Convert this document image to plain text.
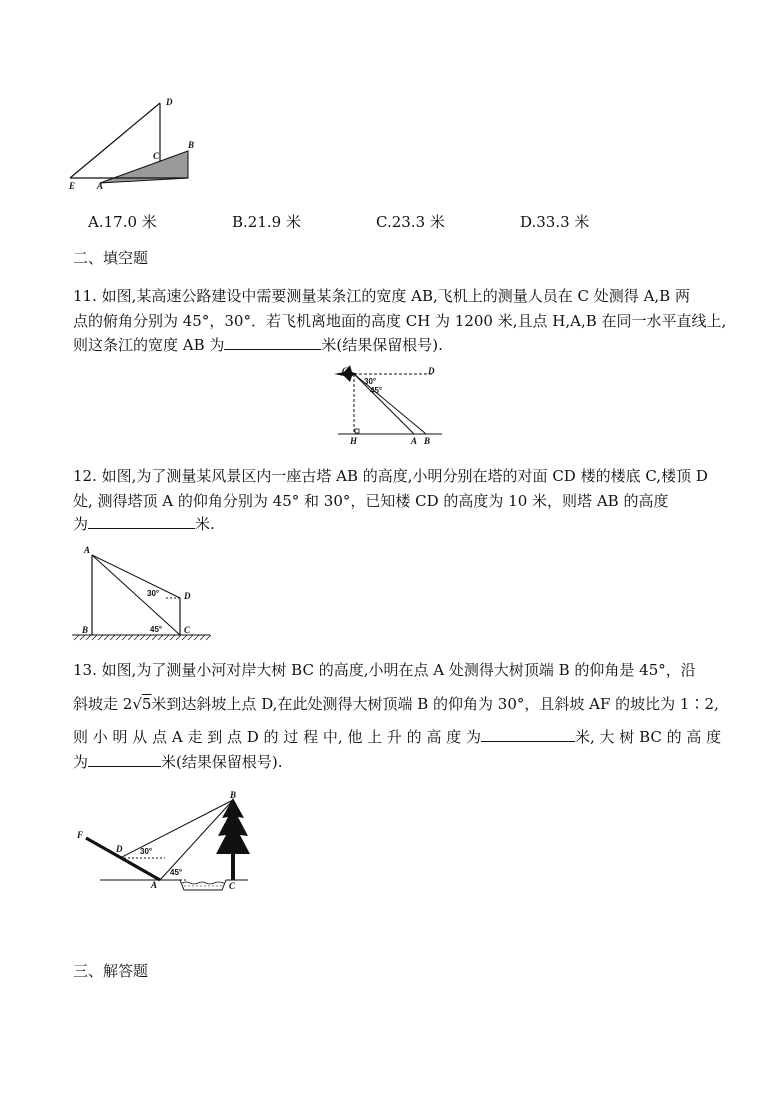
D
C
B
E A
A.17.0 米	B.21.9 米	C.23.3 米	D.33.3 米
二、填空题
11. 如图,某高速公路建设中需要测量某条江的宽度 AB,飞机上的测量人员在 C 处测得 A,B 两
点的俯角分别为 45°，30°．若飞机离地面的高度 CH 为 1200 米,且点 H,A,B 在同一水平直线上,
则这条江的宽度 AB 为	米(结果保留根号).
C	D
30°
45°
H	A B
12. 如图,为了测量某风景区内一座古塔 AB 的高度,小明分别在塔的对面 CD 楼的楼底 C,楼顶 D
处, 测得塔顶 A 的仰角分别为 45° 和 30°，已知楼 CD 的高度为 10 米，则塔 AB 的高度
为	米.
A
B
D
C
30°
45°
13. 如图,为了测量小河对岸大树 BC 的高度,小明在点 A 处测得大树顶端 B 的仰角是 45°，沿
斜坡走 2√5米到达斜坡上点 D,在此处测得大树顶端 B 的仰角为 30°，且斜坡 AF 的坡比为 1∶2,
则 小 明 从 点 A 走 到 点 D 的 过 程 中, 他 上 升 的 高 度 为	米, 大 树 BC 的 高 度
为	米(结果保留根号).
B
F
D 30°
45°
A	C
三、解答题
